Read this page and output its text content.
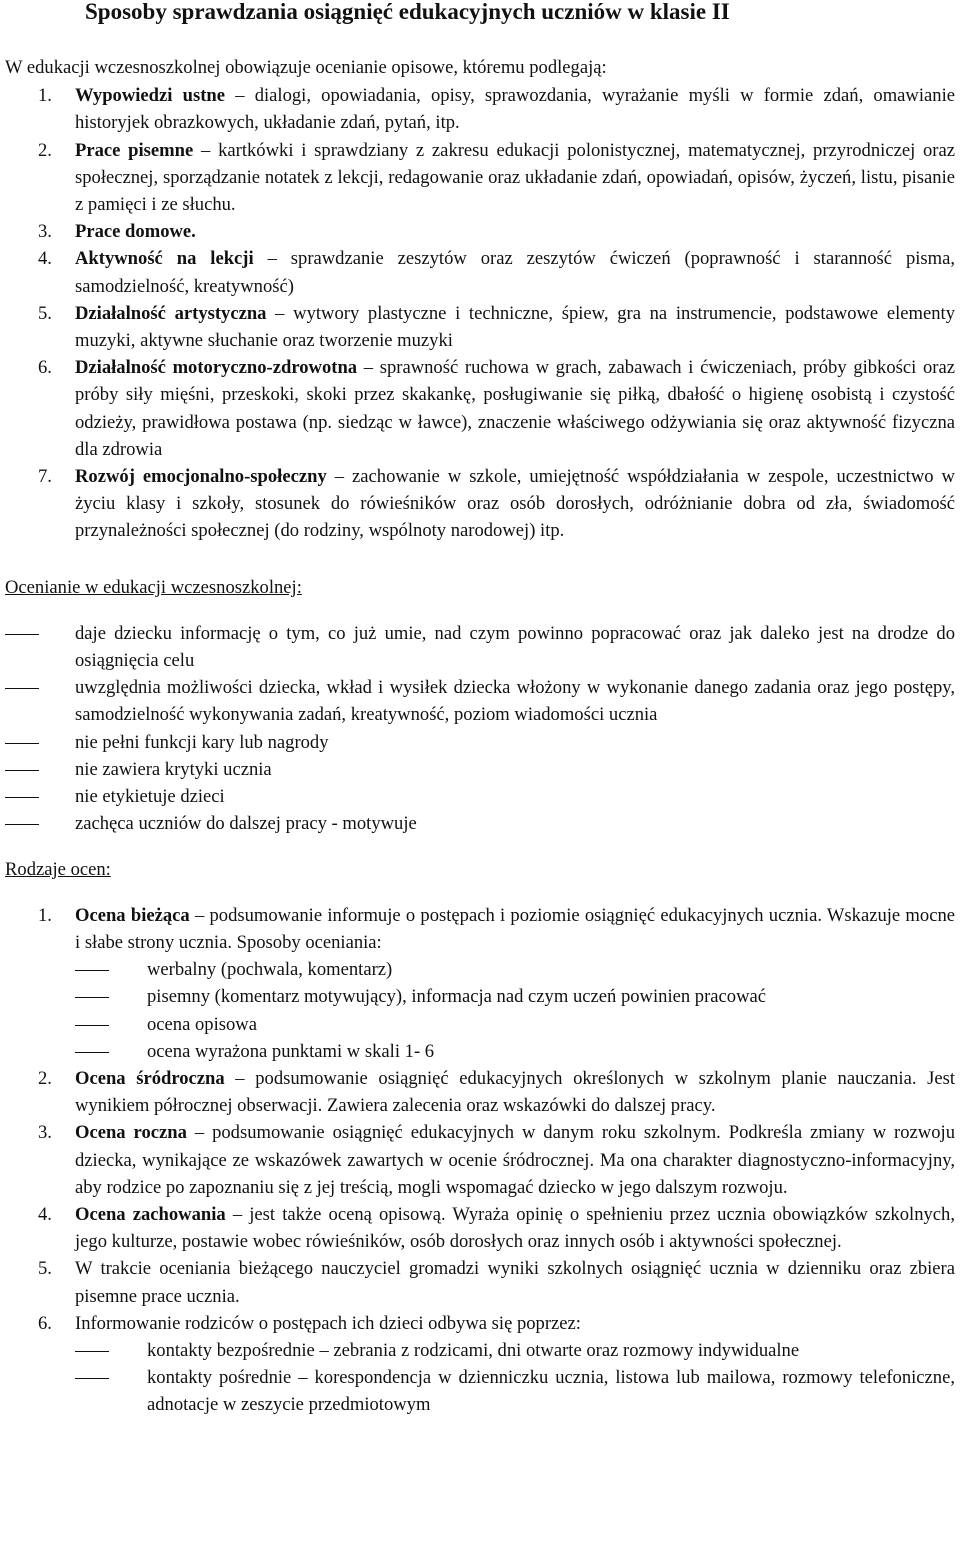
Sposoby sprawdzania osiągnięć edukacyjnych uczniów w klasie II
W edukacji wczesnoszkolnej obowiązuje ocenianie opisowe, któremu podlegają:
1. Wypowiedzi ustne – dialogi, opowiadania, opisy, sprawozdania, wyrażanie myśli w formie zdań, omawianie historyjek obrazkowych, układanie zdań, pytań, itp.
2. Prace pisemne – kartkówki i sprawdziany z zakresu edukacji polonistycznej, matematycznej, przyrodniczej oraz społecznej, sporządzanie notatek z lekcji, redagowanie oraz układanie zdań, opowiadań, opisów, życzeń, listu, pisanie z pamięci i ze słuchu.
3. Prace domowe.
4. Aktywność na lekcji – sprawdzanie zeszytów oraz zeszytów ćwiczeń (poprawność i staranność pisma, samodzielność, kreatywność)
5. Działalność artystyczna – wytwory plastyczne i techniczne, śpiew, gra na instrumencie, podstawowe elementy muzyki, aktywne słuchanie oraz tworzenie muzyki
6. Działalność motoryczno-zdrowotna – sprawność ruchowa w grach, zabawach i ćwiczeniach, próby gibkości oraz próby siły mięśni, przeskoki, skoki przez skakankę, posługiwanie się piłką, dbałość o higienę osobistą i czystość odzieży, prawidłowa postawa (np. siedząc w ławce), znaczenie właściwego odżywiania się oraz aktywność fizyczna dla zdrowia
7. Rozwój emocjonalno-społeczny – zachowanie w szkole, umiejętność współdziałania w zespole, uczestnictwo w życiu klasy i szkoły, stosunek do rówieśników oraz osób dorosłych, odróżnianie dobra od zła, świadomość przynależności społecznej (do rodziny, wspólnoty narodowej) itp.
Ocenianie w edukacji wczesnoszkolnej:
daje dziecku informację o tym, co już umie, nad czym powinno popracować oraz jak daleko jest na drodze do osiągnięcia celu
uwzględnia możliwości dziecka, wkład i wysiłek dziecka włożony w wykonanie danego zadania oraz jego postępy, samodzielność wykonywania zadań, kreatywność, poziom wiadomości ucznia
nie pełni funkcji kary lub nagrody
nie zawiera krytyki ucznia
nie etykietuje dzieci
zachęca uczniów do dalszej pracy - motywuje
Rodzaje ocen:
1. Ocena bieżąca – podsumowanie informuje o postępach i poziomie osiągnięć edukacyjnych ucznia. Wskazuje mocne i słabe strony ucznia. Sposoby oceniania:
werbalny (pochwala, komentarz)
pisemny (komentarz motywujący), informacja nad czym uczeń powinien pracować
ocena opisowa
ocena wyrażona punktami w skali 1- 6
2. Ocena śródroczna – podsumowanie osiągnięć edukacyjnych określonych w szkolnym planie nauczania. Jest wynikiem półrocznej obserwacji. Zawiera zalecenia oraz wskazówki do dalszej pracy.
3. Ocena roczna – podsumowanie osiągnięć edukacyjnych w danym roku szkolnym. Podkreśla zmiany w rozwoju dziecka, wynikające ze wskazówek zawartych w ocenie śródrocznej. Ma ona charakter diagnostyczno-informacyjny, aby rodzice po zapoznaniu się z jej treścią, mogli wspomagać dziecko w jego dalszym rozwoju.
4. Ocena zachowania – jest także oceną opisową. Wyraża opinię o spełnieniu przez ucznia obowiązków szkolnych, jego kulturze, postawie wobec rówieśników, osób dorosłych oraz innych osób i aktywności społecznej.
5. W trakcie oceniania bieżącego nauczyciel gromadzi wyniki szkolnych osiągnięć ucznia w dzienniku oraz zbiera pisemne prace ucznia.
6. Informowanie rodziców o postępach ich dzieci odbywa się poprzez:
kontakty bezpośrednie – zebrania z rodzicami, dni otwarte oraz rozmowy indywidualne
kontakty pośrednie – korespondencja w dzienniczku ucznia, listowa lub mailowa, rozmowy telefoniczne, adnotacje w zeszycie przedmiotowym
